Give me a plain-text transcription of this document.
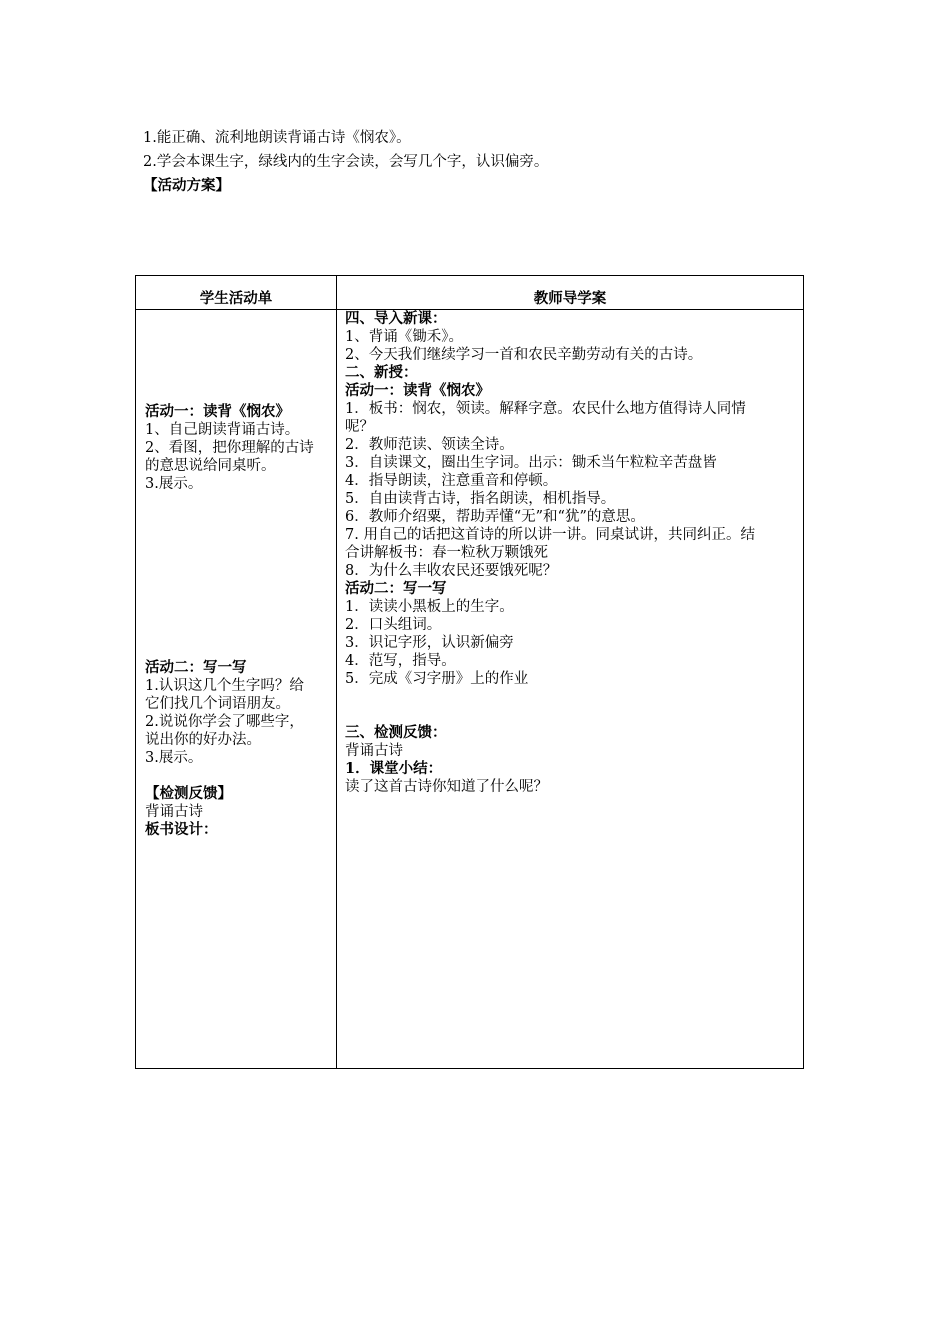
1.能正确、流利地朗读背诵古诗《悯农》。
2.学会本课生字，绿线内的生字会读，会写几个字，认识偏旁。
【活动方案】
学生活动单	教师导学案
活动一：读背《悯农》
1、自己朗读背诵古诗。
2、看图，把你理解的古诗
的意思说给同桌听。
3.展示。
活动二：写一写
1.认识这几个生字吗？给
它们找几个词语朋友。
2.说说你学会了哪些字，
说出你的好办法。
3.展示。
【检测反馈】
背诵古诗
板书设计：
四、导入新课：
1、背诵《锄禾》。
2、今天我们继续学习一首和农民辛勤劳动有关的古诗。
二、新授：
活动一：读背《悯农》
1．板书：悯农，领读。解释字意。农民什么地方值得诗人同情
呢？
2．教师范读、领读全诗。
3．自读课文，圈出生字词。出示：锄禾当午粒粒辛苦盘皆
4．指导朗读，注意重音和停顿。
5．自由读背古诗，指名朗读，相机指导。
6．教师介绍粟，帮助弄懂“无”和“犹”的意思。
7. 用自己的话把这首诗的所以讲一讲。同桌试讲，共同纠正。结
合讲解板书：春一粒秋万颗饿死
8．为什么丰收农民还要饿死呢？
活动二：写一写
1．读读小黑板上的生字。
2．口头组词。
3．识记字形，认识新偏旁
4．范写，指导。
5．完成《习字册》上的作业
三、检测反馈：
背诵古诗
1．课堂小结：
读了这首古诗你知道了什么呢？
